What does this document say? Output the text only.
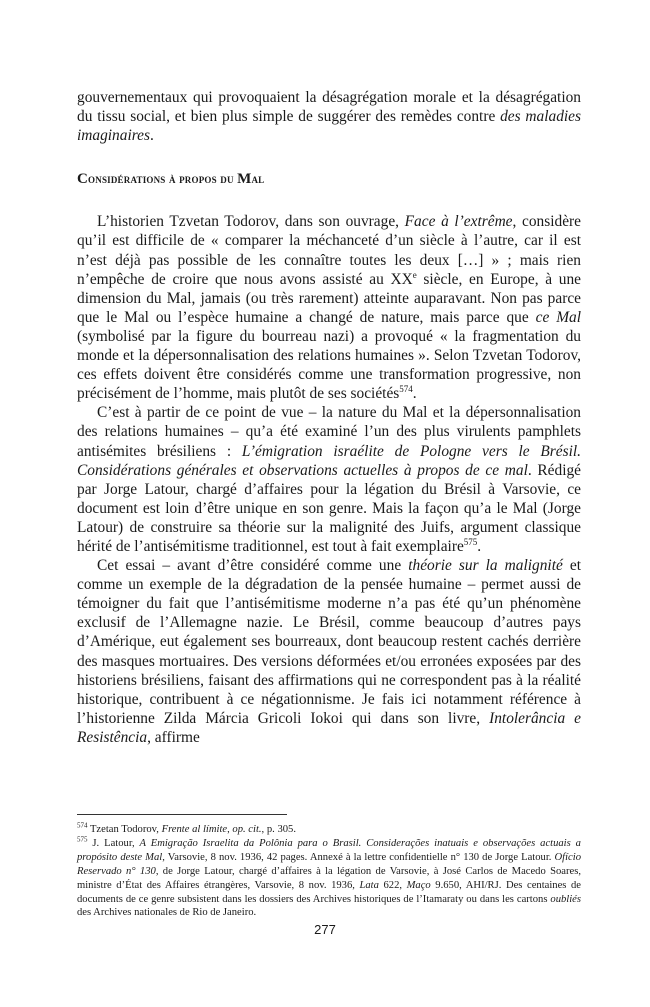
gouvernementaux qui provoquaient la désagrégation morale et la désagrégation du tissu social, et bien plus simple de suggérer des remèdes contre des maladies imaginaires.

Considérations à propos du Mal

L’historien Tzvetan Todorov, dans son ouvrage, Face à l’extrême, considère qu’il est difficile de « comparer la méchanceté d’un siècle à l’autre, car il est n’est déjà pas possible de les connaître toutes les deux […] » ; mais rien n’empêche de croire que nous avons assisté au XXe siècle, en Europe, à une dimension du Mal, jamais (ou très rarement) atteinte auparavant. Non pas parce que le Mal ou l’espèce humaine a changé de nature, mais parce que ce Mal (symbolisé par la figure du bourreau nazi) a provoqué « la fragmentation du monde et la dépersonnalisation des relations humaines ». Selon Tzvetan Todorov, ces effets doivent être considérés comme une transformation progressive, non précisément de l’homme, mais plutôt de ses sociétés$^{574}$.

C’est à partir de ce point de vue – la nature du Mal et la dépersonnalisation des relations humaines – qu’a été examiné l’un des plus virulents pamphlets antisémites brésiliens : L’émigration israélite de Pologne vers le Brésil. Considérations générales et observations actuelles à propos de ce mal. Rédigé par Jorge Latour, chargé d’affaires pour la légation du Brésil à Varsovie, ce document est loin d’être unique en son genre. Mais la façon qu’a le Mal (Jorge Latour) de construire sa théorie sur la malignité des Juifs, argument classique hérité de l’antisémitisme traditionnel, est tout à fait exemplaire$^{575}$.

Cet essai – avant d’être considéré comme une théorie sur la malignité et comme un exemple de la dégradation de la pensée humaine – permet aussi de témoigner du fait que l’antisémitisme moderne n’a pas été qu’un phénomène exclusif de l’Allemagne nazie. Le Brésil, comme beaucoup d’autres pays d’Amérique, eut également ses bourreaux, dont beaucoup restent cachés derrière des masques mortuaires. Des versions déformées et/ou erronées exposées par des historiens brésiliens, faisant des affirmations qui ne correspondent pas à la réalité historique, contribuent à ce négationnisme. Je fais ici notamment référence à l’historienne Zilda Márcia Gricoli Iokoi qui dans son livre, Intolerância e Resistência, affirme

$^{574}$ Tzetan Todorov, Frente al límite, op. cit., p. 305.

$^{575}$ J. Latour, A Emigração Israelita da Polônia para o Brasil. Considerações inatuais e observações actuais a propósito deste Mal, Varsovie, 8 nov. 1936, 42 pages. Annexé à la lettre confidentielle n° 130 de Jorge Latour. Ofício Reservado n° 130, de Jorge Latour, chargé d’affaires à la légation de Varsovie, à José Carlos de Macedo Soares, ministre d’État des Affaires étrangères, Varsovie, 8 nov. 1936, Lata 622, Maço 9.650, AHI/RJ. Des centaines de documents de ce genre subsistent dans les dossiers des Archives historiques de l’Itamaraty ou dans les cartons oubliés des Archives nationales de Rio de Janeiro.

277
